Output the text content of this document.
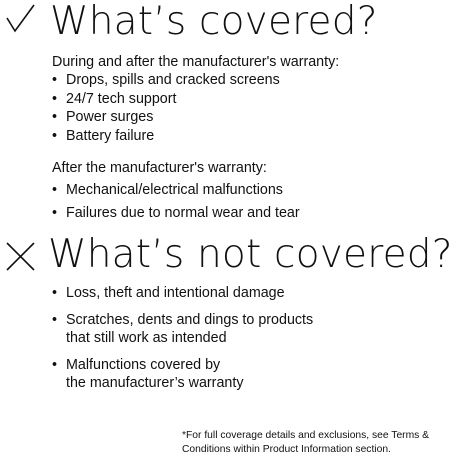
What’s covered?
During and after the manufacturer's warranty:
• Drops, spills and cracked screens
• 24/7 tech support
• Power surges
• Battery failure
After the manufacturer's warranty:
• Mechanical/electrical malfunctions
• Failures due to normal wear and tear
What’s not covered?
• Loss, theft and intentional damage
• Scratches, dents and dings to products
that still work as intended
• Malfunctions covered by
the manufacturer’s warranty
*For full coverage details and exclusions, see Terms & Conditions within Product Information section.
